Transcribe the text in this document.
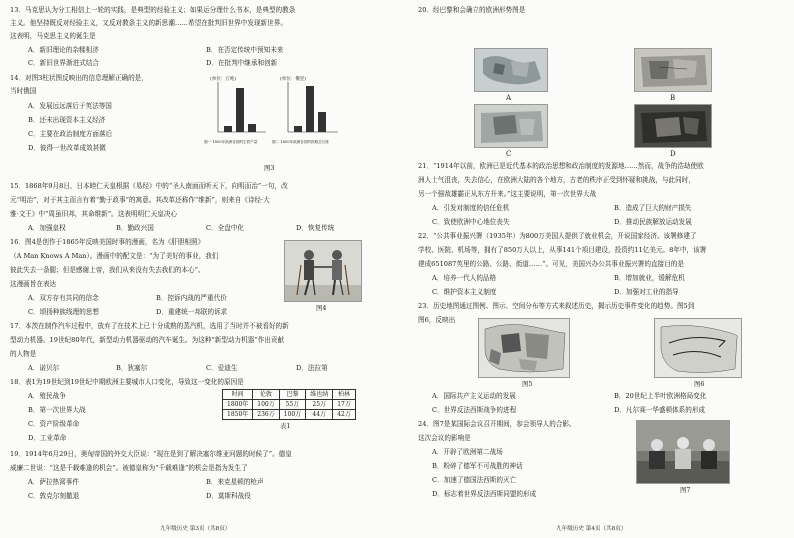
13．马克思认为分工相信上一轮的实践，是典型的经验主义；如果运分理什么书本，是典型的教条
主义。他坚持既反对经验主义，又反对教条主义的新思潮……希望在批判旧世界中发现新世界。
这表明，马克思主义的诞生是
A．新旧理论的杂糅相济	B．在否定传统中预知未来
C．新旧世界渐进式结合	D．在批判中继承和创新
14．对图3柱状图反映出的信息理解正确的是，
当时俄国
A．发展远远落后于英法等国
B．还未出现资本主义经济
C．主要在政治制度方面落后
D．彼得一世改革成效甚微
(单位：万吨)
图一 1850年欧洲各国的生铁产量
(单位：俄里)
图二 1850年欧洲各国的铁路总长度
图3
15．1868年9月8日，日本睦仁天皇根据《易经》中的“圣人南面而听天下，向明而治”一句，改
元“明治”，对于其主而言有着“勤于政事”的寓意。其改革还称作“维新”，则来自《诗经·大
雅·文王》中“周虽旧邦，其命维新”。这表明明仁天皇决心
A．加强皇权	B．勤政兴国	C．全盘中化	D．恢复传统
16．图4是创作于1865年反映美国时事的漫画，名为《肝胆相照》
（A Man Knows A Man）。漫画中的配文是：“为了美好的事业，我们
彼此失去一条腿；但是感谢上帝，我们从来没有失去我们的本心”。
这漫画旨在表达
A．双方存有共同的信念	B．控诉内战的严重代价
C．颂扬种族线理的思想	D．重建统一邦联的诉求	图4
17．本茨在制作汽车过程中，放弃了在技术上已十分成熟的蒸汽机，选用了当时并不被看好的新
型动力机器。19世纪80年代，新型动力机器驱动的汽车诞生。为这种“新型动力机器”作出贡献
的人物是
A．诺贝尔	B．狄塞尔	C．爱迪生	D．法拉第
18．表1为19世纪到19世纪中期欧洲主要城市人口变化，导致这一变化的原因是
A．殖民战争
B．第一次世界大战
C．资产阶级革命
D．工业革命
时间	伦敦	巴黎	维也纳	柏林
1800年	100万	55万	25万	17万
1850年	236万	100万	44万	42万
表1
19．1914年6月29日，奥匈帝国的外交大臣说：“现在是到了解决塞尔维亚问题的时候了”。德皇
威廉二世说：“这是千载难逢的机会”。被德皇称为“千载难逢”的机会是指为发生了
A．萨拉热窝事件	B．来克星顿的枪声
C．敦克尔刻撤退	D．莫斯科战役
九年级历史 第3页（共8页）
20．经巴黎和会确立的欧洲形势图是
A	B
C	D
21．“1914年以前，欧洲已是近代基本的政治思想和政治制度的发源地……然而，战争的浩劫使欧
洲人士气沮丧，失去信心，在欧洲大陆的各个地方，古老的秩序正受到怀疑和挑战，与此同时，
另一个强敌雄霸正从东方升来。”这主要说明，第一次世界大战
A．引发对制度的信任危机	B．造成了巨大的财产损失
C．致使欧洲中心地位丧失	D．推动民族解放运动发展
22．“公共事业振兴署（1935年）为800万美国人提供了就业机会，开说国家经济。该署修建了
学校、医院、机场等，拥有了850万人以上，从事141个项目建设，投资约11亿美元。8年中，该署
建成651087英里的公路、公路、街道……”。可见，美国兴办公共事业振兴署的直接目的是
A．培养一代人的品格	B．增加就业，缓解危机
C．维护资本主义制度	D．加强对工业的指导
23．历史地图通过图例、图示、空间分布等方式来叙述历史，揭示历史事件变化的趋势。图5到
图6，反映出
图5	图6
A．国际共产主义运动的发展	B．20世纪上半叶欧洲格局变化
C．世界反法西斯战争的进程	D．凡尔赛一华盛顿体系的形成
24．图7是某国际会议召开期间，参会领导人的合影。
这次会议的影响是
A．开辟了欧洲第二战场
B．粉碎了德军不可战胜的神话
C．加速了德国法西斯的灭亡
D．标志着世界反法西斯同盟的形成	图7
九年级历史 第4页（共8页）
